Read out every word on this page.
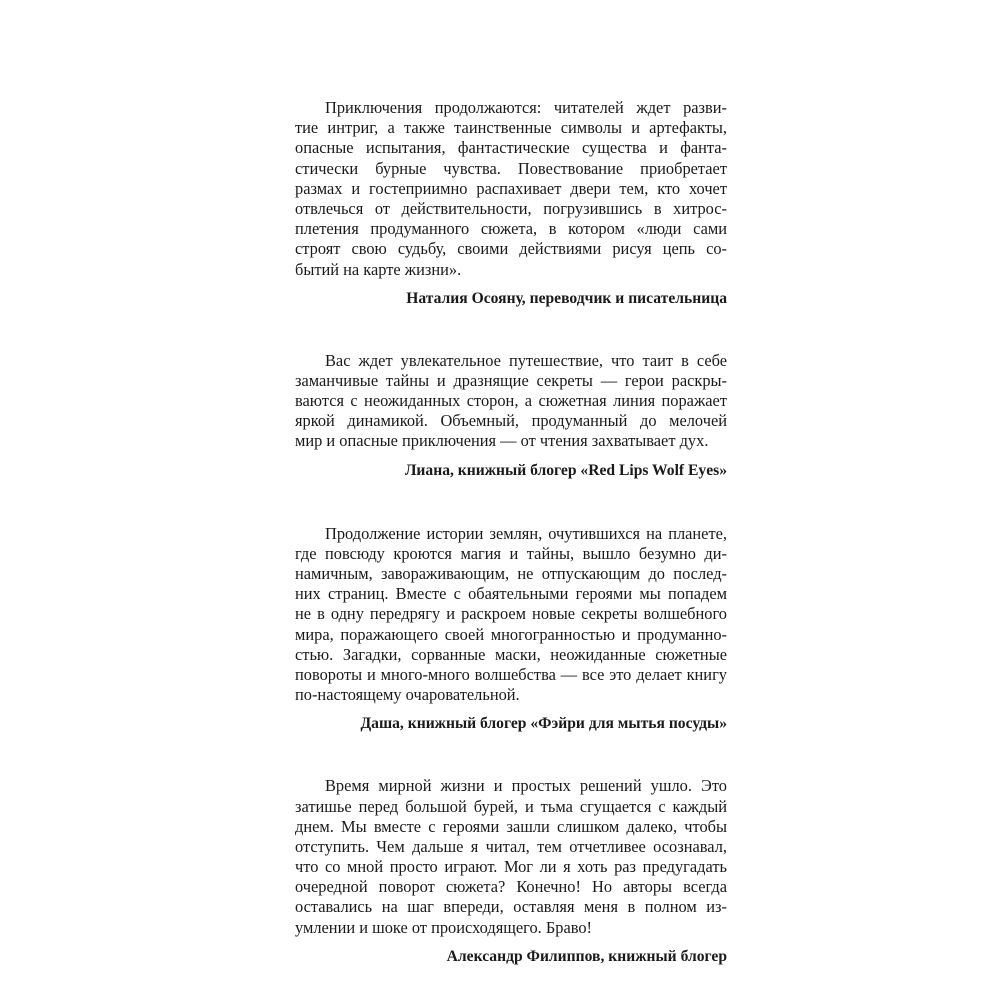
Приключения продолжаются: читателей ждет разви-
тие интриг, а также таинственные символы и артефакты,
опасные испытания, фантастические существа и фанта-
стически бурные чувства. Повествование приобретает
размах и гостеприимно распахивает двери тем, кто хочет
отвлечься от действительности, погрузившись в хитрос-
плетения продуманного сюжета, в котором «люди сами
строят свою судьбу, своими действиями рисуя цепь со-
бытий на карте жизни».
Наталия Осояну, переводчик и писательница
Вас ждет увлекательное путешествие, что таит в себе
заманчивые тайны и дразнящие секреты — герои раскры-
ваются с неожиданных сторон, а сюжетная линия поражает
яркой динамикой. Объемный, продуманный до мелочей
мир и опасные приключения — от чтения захватывает дух.
Лиана, книжный блогер «Red Lips Wolf Eyes»
Продолжение истории землян, очутившихся на планете,
где повсюду кроются магия и тайны, вышло безумно ди-
намичным, завораживающим, не отпускающим до послед-
них страниц. Вместе с обаятельными героями мы попадем
не в одну передрягу и раскроем новые секреты волшебного
мира, поражающего своей многогранностью и продуманно-
стью. Загадки, сорванные маски, неожиданные сюжетные
повороты и много-много волшебства — все это делает книгу
по-настоящему очаровательной.
Даша, книжный блогер «Фэйри для мытья посуды»
Время мирной жизни и простых решений ушло. Это
затишье перед большой бурей, и тьма сгущается с каждый
днем. Мы вместе с героями зашли слишком далеко, чтобы
отступить. Чем дальше я читал, тем отчетливее осознавал,
что со мной просто играют. Мог ли я хоть раз предугадать
очередной поворот сюжета? Конечно! Но авторы всегда
оставались на шаг впереди, оставляя меня в полном из-
умлении и шоке от происходящего. Браво!
Александр Филиппов, книжный блогер
